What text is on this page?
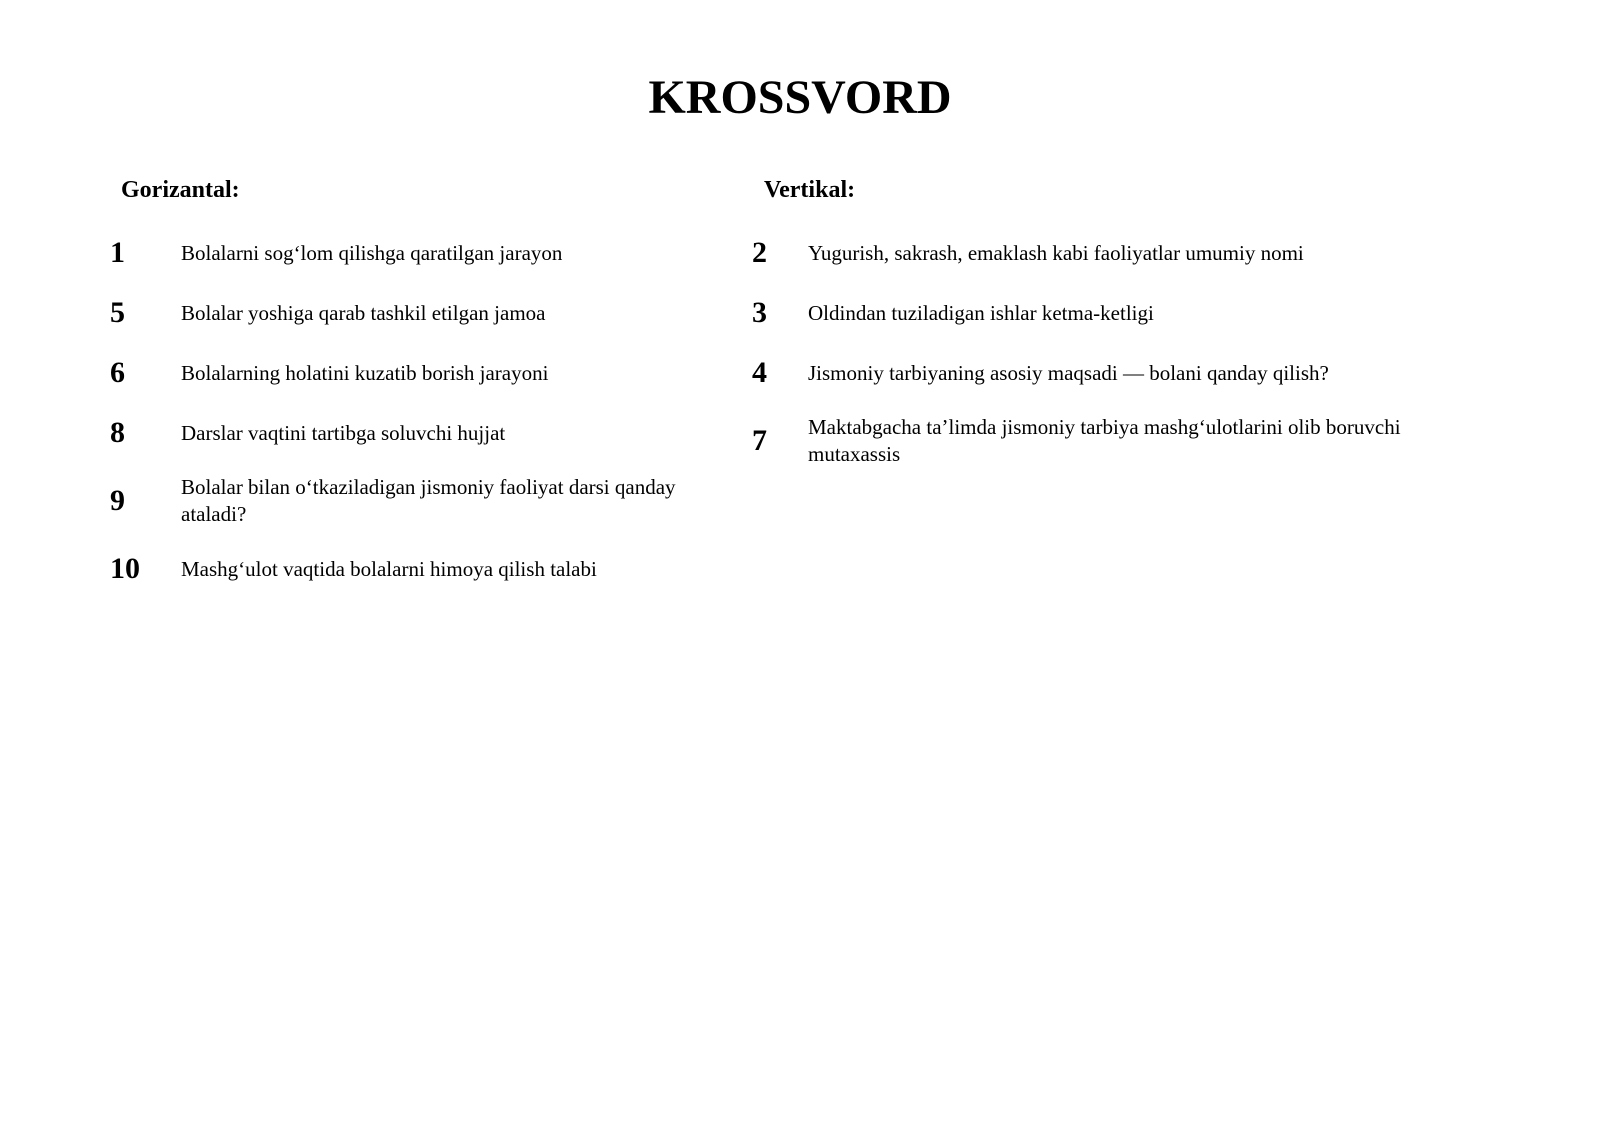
KROSSVORD
Gorizantal:
1	Bolalarni sog‘lom qilishga qaratilgan jarayon
5	Bolalar yoshiga qarab tashkil etilgan jamoa
6	Bolalarning holatini kuzatib borish jarayoni
8	Darslar vaqtini tartibga soluvchi hujjat
9	Bolalar bilan o‘tkaziladigan jismoniy faoliyat darsi qanday ataladi?
10	Mashg‘ulot vaqtida bolalarni himoya qilish talabi
Vertikal:
2	Yugurish, sakrash, emaklash kabi faoliyatlar umumiy nomi
3	Oldindan tuziladigan ishlar ketma-ketligi
4	Jismoniy tarbiyaning asosiy maqsadi — bolani qanday qilish?
7	Maktabgacha ta’limda jismoniy tarbiya mashg‘ulotlarini olib boruvchi mutaxassis
